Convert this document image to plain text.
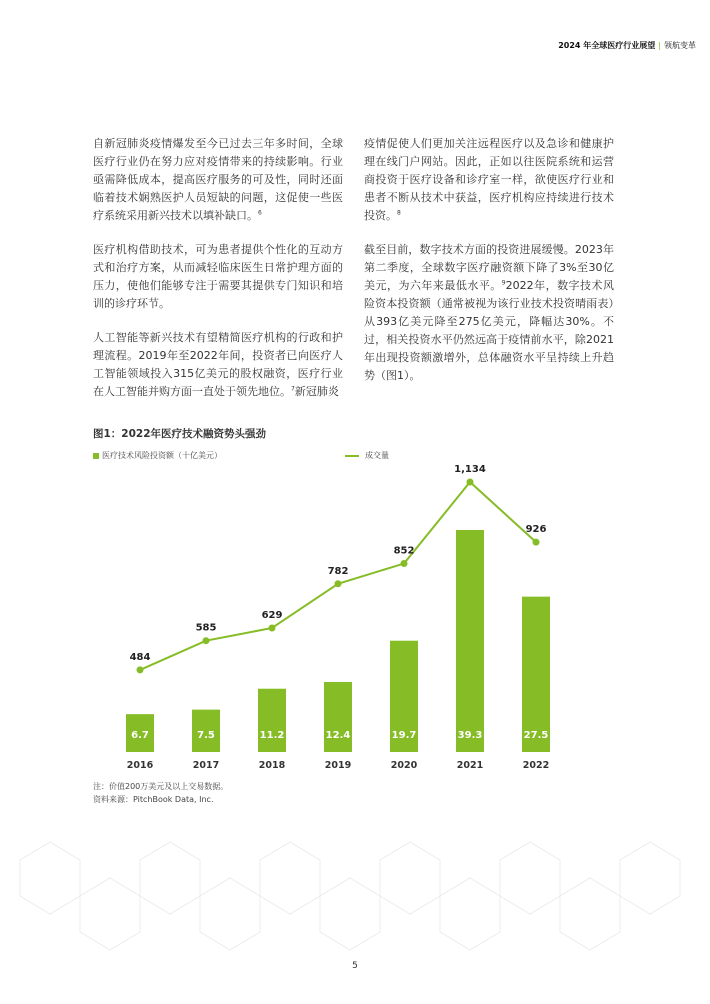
2024 年全球医疗行业展望 | 领航变革

自新冠肺炎疫情爆发至今已过去三年多时间，全球医疗行业仍在努力应对疫情带来的持续影响。行业亟需降低成本，提高医疗服务的可及性，同时还面临着技术娴熟医护人员短缺的问题，这促使一些医疗系统采用新兴技术以填补缺口。$^6$

医疗机构借助技术，可为患者提供个性化的互动方式和治疗方案，从而减轻临床医生日常护理方面的压力，使他们能够专注于需要其提供专门知识和培训的诊疗环节。

人工智能等新兴技术有望精简医疗机构的行政和护理流程。2019年至2022年间，投资者已向医疗人工智能领域投入315亿美元的股权融资，医疗行业在人工智能并购方面一直处于领先地位。$^7$新冠肺炎

疫情促使人们更加关注远程医疗以及急诊和健康护理在线门户网站。因此，正如以往医院系统和运营商投资于医疗设备和诊疗室一样，欲使医疗行业和患者不断从技术中获益，医疗机构应持续进行技术投资。$^8$

截至目前，数字技术方面的投资进展缓慢。2023年第二季度，全球数字医疗融资额下降了3%至30亿美元，为六年来最低水平。$^9$2022年，数字技术风险资本投资额（通常被视为该行业技术投资晴雨表）从393亿美元降至275亿美元，降幅达30%。不过，相关投资水平仍然远高于疫情前水平，除2021年出现投资额激增外，总体融资水平呈持续上升趋势（图1）。

图1：2022年医疗技术融资势头强劲
医疗技术风险投资额（十亿美元）	成交量
6.7
2016
7.5
2017
11.2
2018
12.4
2019
19.7
2020
39.3
2021
27.5
2022
484
585
629
782
852
1,134
926
注：价值200万美元及以上交易数据。
资料来源：PitchBook Data, Inc.
5
